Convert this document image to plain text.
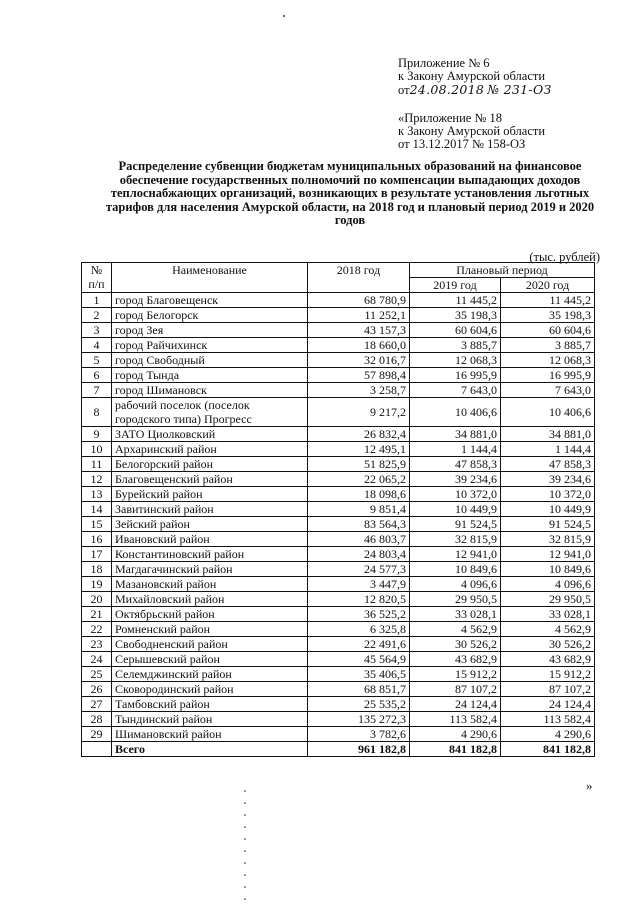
Приложение № 6
к Закону Амурской области
от24.08.2018 № 231-ОЗ
«Приложение № 18
к Закону Амурской области
от 13.12.2017 № 158-ОЗ
Распределение субвенции бюджетам муниципальных образований на финансовое обеспечение государственных полномочий по компенсации выпадающих доходов теплоснабжающих организаций, возникающих в результате установления льготных тарифов для населения Амурской области, на 2018 год и плановый период 2019 и 2020 годов
(тыс. рублей)
№ п/п	Наименование	2018 год	Плановый период	
			2019 год	2020 год
1	город Благовещенск	68 780,9	11 445,2	11 445,2
2	город Белогорск	11 252,1	35 198,3	35 198,3
3	город Зея	43 157,3	60 604,6	60 604,6
4	город Райчихинск	18 660,0	3 885,7	3 885,7
5	город Свободный	32 016,7	12 068,3	12 068,3
6	город Тында	57 898,4	16 995,9	16 995,9
7	город Шимановск	3 258,7	7 643,0	7 643,0
8	рабочий поселок (поселок городского типа) Прогресс	9 217,2	10 406,6	10 406,6
9	ЗАТО Циолковский	26 832,4	34 881,0	34 881,0
10	Архаринский район	12 495,1	1 144,4	1 144,4
11	Белогорский район	51 825,9	47 858,3	47 858,3
12	Благовещенский район	22 065,2	39 234,6	39 234,6
13	Бурейский район	18 098,6	10 372,0	10 372,0
14	Завитинский район	9 851,4	10 449,9	10 449,9
15	Зейский район	83 564,3	91 524,5	91 524,5
16	Ивановский район	46 803,7	32 815,9	32 815,9
17	Константиновский район	24 803,4	12 941,0	12 941,0
18	Магдагачинский район	24 577,3	10 849,6	10 849,6
19	Мазановский район	3 447,9	4 096,6	4 096,6
20	Михайловский район	12 820,5	29 950,5	29 950,5
21	Октябрьский район	36 525,2	33 028,1	33 028,1
22	Ромненский район	6 325,8	4 562,9	4 562,9
23	Свободненский район	22 491,6	30 526,2	30 526,2
24	Серышевский район	45 564,9	43 682,9	43 682,9
25	Селемджинский район	35 406,5	15 912,2	15 912,2
26	Сковородинский район	68 851,7	87 107,2	87 107,2
27	Тамбовский район	25 535,2	24 124,4	24 124,4
28	Тындинский район	135 272,3	113 582,4	113 582,4
29	Шимановский район	3 782,6	4 290,6	4 290,6
	Всего	961 182,8	841 182,8	841 182,8
»
